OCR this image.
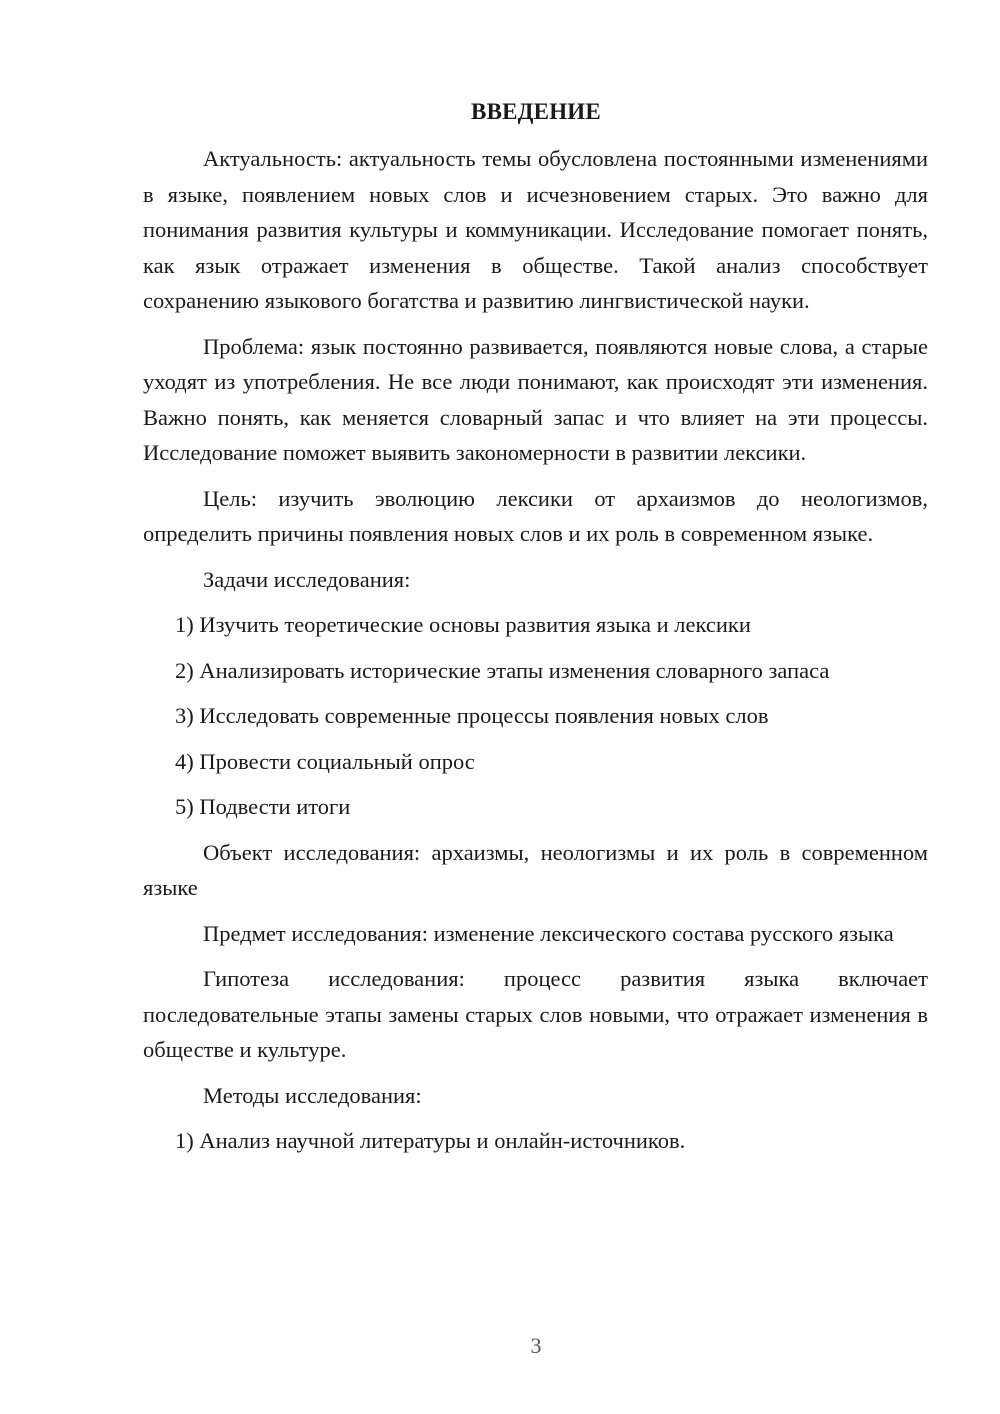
ВВЕДЕНИЕ

Актуальность: актуальность темы обусловлена постоянными изменениями в языке, появлением новых слов и исчезновением старых. Это важно для понимания развития культуры и коммуникации. Исследование помогает понять, как язык отражает изменения в обществе. Такой анализ способствует сохранению языкового богатства и развитию лингвистической науки.

Проблема: язык постоянно развивается, появляются новые слова, а старые уходят из употребления. Не все люди понимают, как происходят эти изменения. Важно понять, как меняется словарный запас и что влияет на эти процессы. Исследование поможет выявить закономерности в развитии лексики.

Цель: изучить эволюцию лексики от архаизмов до неологизмов, определить причины появления новых слов и их роль в современном языке.

Задачи исследования:

1) Изучить теоретические основы развития языка и лексики

2) Анализировать исторические этапы изменения словарного запаса

3) Исследовать современные процессы появления новых слов

4) Провести социальный опрос

5) Подвести итоги

Объект исследования: архаизмы, неологизмы и их роль в современном языке

Предмет исследования: изменение лексического состава русского языка

Гипотеза исследования: процесс развития языка включает последовательные этапы замены старых слов новыми, что отражает изменения в обществе и культуре.

Методы исследования:

1) Анализ научной литературы и онлайн-источников.

3
